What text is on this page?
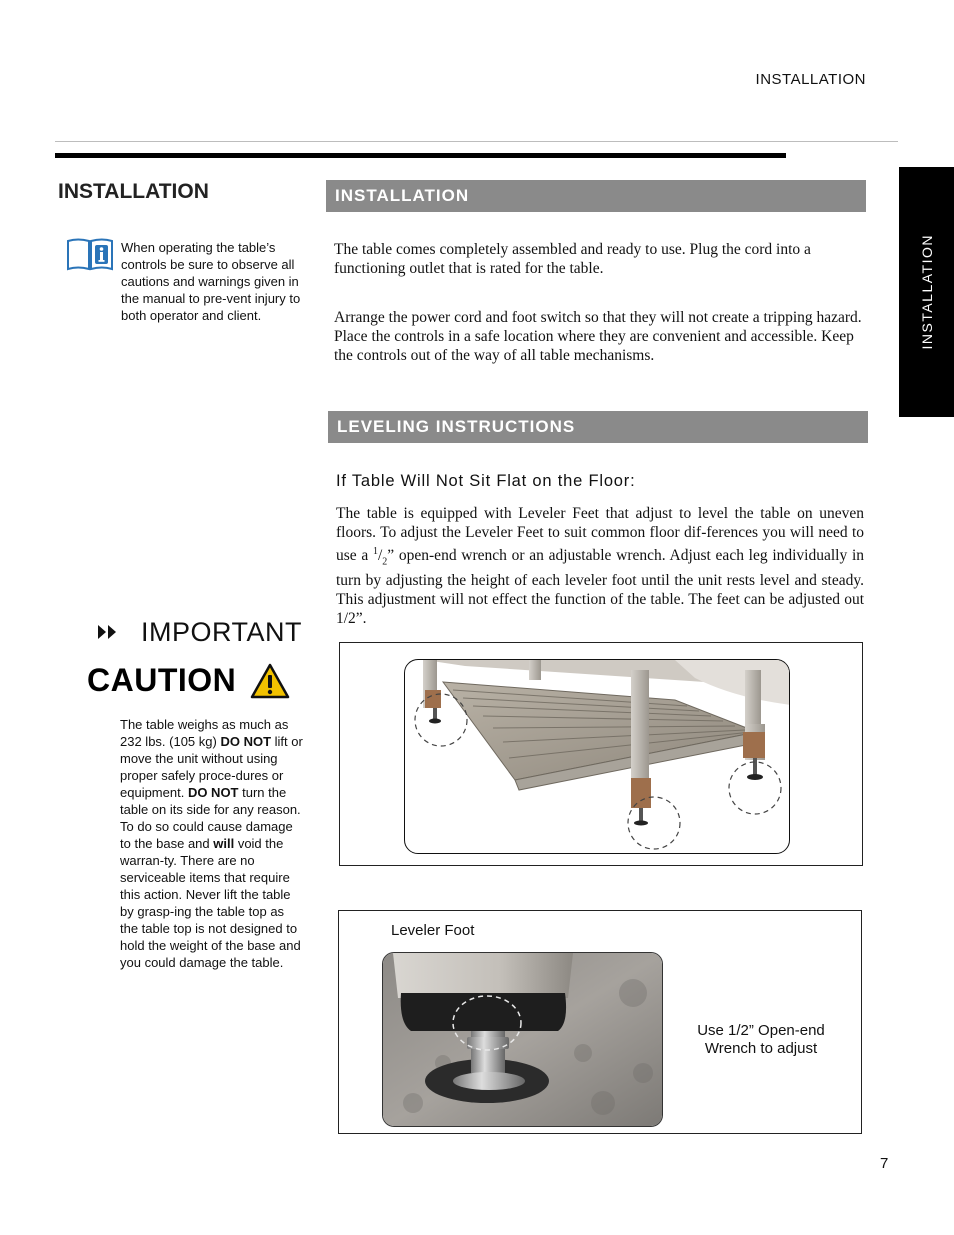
INSTALLATION
INSTALLATION
INSTALLATION
When operating the table’s controls be sure to observe all cautions and warnings given in the manual to pre-vent injury to both operator and client.
IMPORTANT
CAUTION
The table weighs as much as 232 lbs. (105 kg) DO NOT lift or move the unit without using proper safely proce-dures or equipment. DO NOT turn the table on its side for any reason. To do so could cause damage to the base and will void the warran-ty. There are no serviceable items that require this action. Never lift the table by grasp-ing the table top as the table top is not designed to hold the weight of the base and you could damage the table.
INSTALLATION
The table comes completely assembled and ready to use. Plug the cord into a functioning outlet that is rated for the table.
Arrange the power cord and foot switch so that they will not create a tripping hazard. Place the controls in a safe location where they are convenient and accessible. Keep the controls out of the way of all table mechanisms.
LEVELING INSTRUCTIONS
If Table Will Not Sit Flat on the Floor:
The table is equipped with Leveler Feet that adjust to level the table on uneven floors. To adjust the Leveler Feet to suit common floor dif-ferences you will need to use a $^1/_2$” open-end wrench or an adjustable wrench. Adjust each leg individually in turn by adjusting the height of each leveler foot until the unit rests level and steady. This adjustment will not effect the function of the table. The feet can be adjusted out 1/2”.
Leveler Foot
Use 1/2” Open-end Wrench to adjust
7
